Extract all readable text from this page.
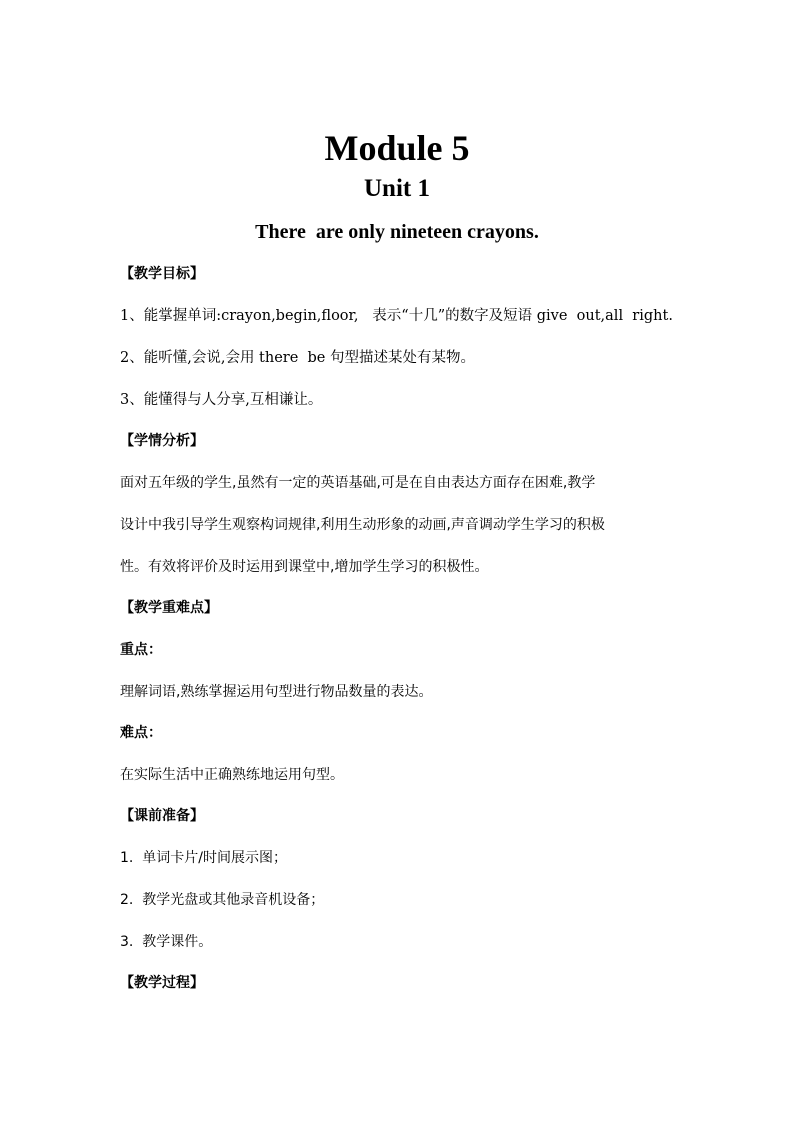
Module 5
Unit 1
There  are only nineteen crayons.

【教学目标】

1、能掌握单词:crayon,begin,floor,   表示“十几”的数字及短语 give  out,all  right.

2、能听懂,会说,会用 there  be 句型描述某处有某物。

3、能懂得与人分享,互相谦让。

【学情分析】

面对五年级的学生,虽然有一定的英语基础,可是在自由表达方面存在困难,教学

设计中我引导学生观察构词规律,利用生动形象的动画,声音调动学生学习的积极

性。有效将评价及时运用到课堂中,增加学生学习的积极性。

【教学重难点】

重点：

理解词语,熟练掌握运用句型进行物品数量的表达。

难点：

在实际生活中正确熟练地运用句型。

【课前准备】

1.  单词卡片/时间展示图；

2.  教学光盘或其他录音机设备；

3.  教学课件。

【教学过程】
